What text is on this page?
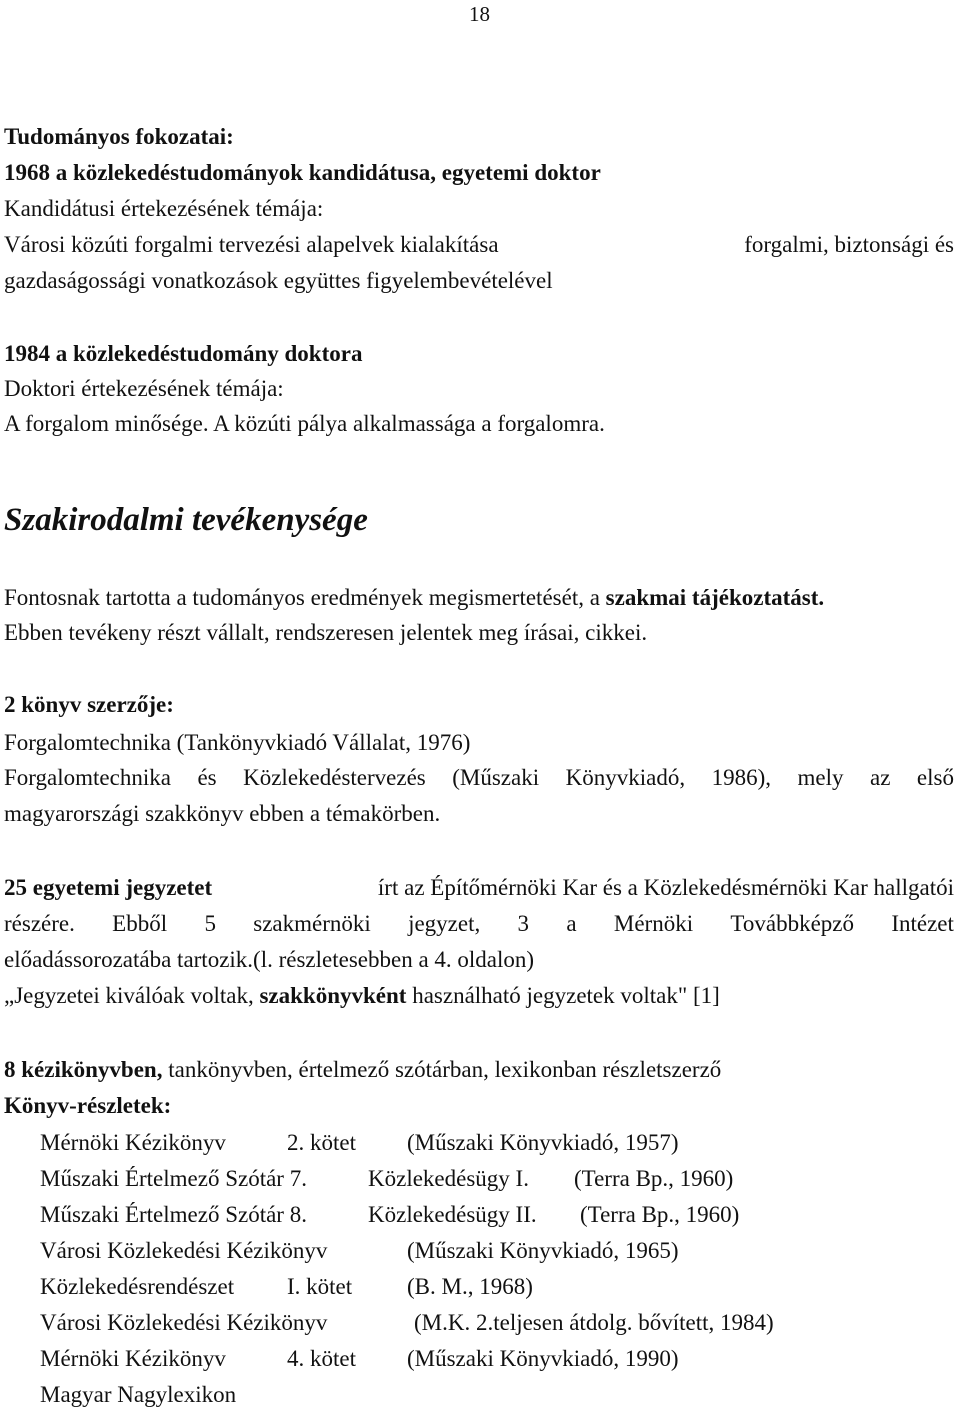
18
Tudományos fokozatai:
1968 a közlekedéstudományok kandidátusa, egyetemi doktor
Kandidátusi értekezésének témája:
Városi közúti forgalmi tervezési alapelvek kialakítása	forgalmi, biztonsági és
gazdaságossági vonatkozások együttes figyelembevételével
1984 a közlekedéstudomány doktora
Doktori értekezésének témája:
A forgalom minősége. A közúti pálya alkalmassága a forgalomra.
Szakirodalmi tevékenysége
Fontosnak tartotta a tudományos eredmények megismertetését, a szakmai tájékoztatást.
Ebben tevékeny részt vállalt, rendszeresen jelentek meg írásai, cikkei.
2 könyv szerzője:
Forgalomtechnika (Tankönyvkiadó Vállalat, 1976)
Forgalomtechnika és Közlekedéstervezés (Műszaki Könyvkiadó, 1986), mely az első
magyarországi szakkönyv ebben a témakörben.
25 egyetemi jegyzetet	írt az Építőmérnöki Kar és a Közlekedésmérnöki Kar hallgatói
részére. Ebből 5 szakmérnöki jegyzet, 3 a Mérnöki Továbbképző Intézet
előadássorozatába tartozik.(l. részletesebben a 4. oldalon)
„Jegyzetei kiválóak voltak, szakkönyvként használható jegyzetek voltak" [1]
8 kézikönyvben, tankönyvben, értelmező szótárban, lexikonban részletszerző
Könyv-részletek:
Mérnöki Kézikönyv	2. kötet (Műszaki Könyvkiadó, 1957)
Műszaki Értelmező Szótár 7.	Közlekedésügy I. (Terra Bp., 1960)
Műszaki Értelmező Szótár 8.	Közlekedésügy II. (Terra Bp., 1960)
Városi Közlekedési Kézikönyv	(Műszaki Könyvkiadó, 1965)
Közlekedésrendészet I. kötet (B. M., 1968)
Városi Közlekedési Kézikönyv	(M.K. 2.teljesen átdolg. bővített, 1984)
Mérnöki Kézikönyv	4. kötet (Műszaki Könyvkiadó, 1990)
Magyar Nagylexikon
